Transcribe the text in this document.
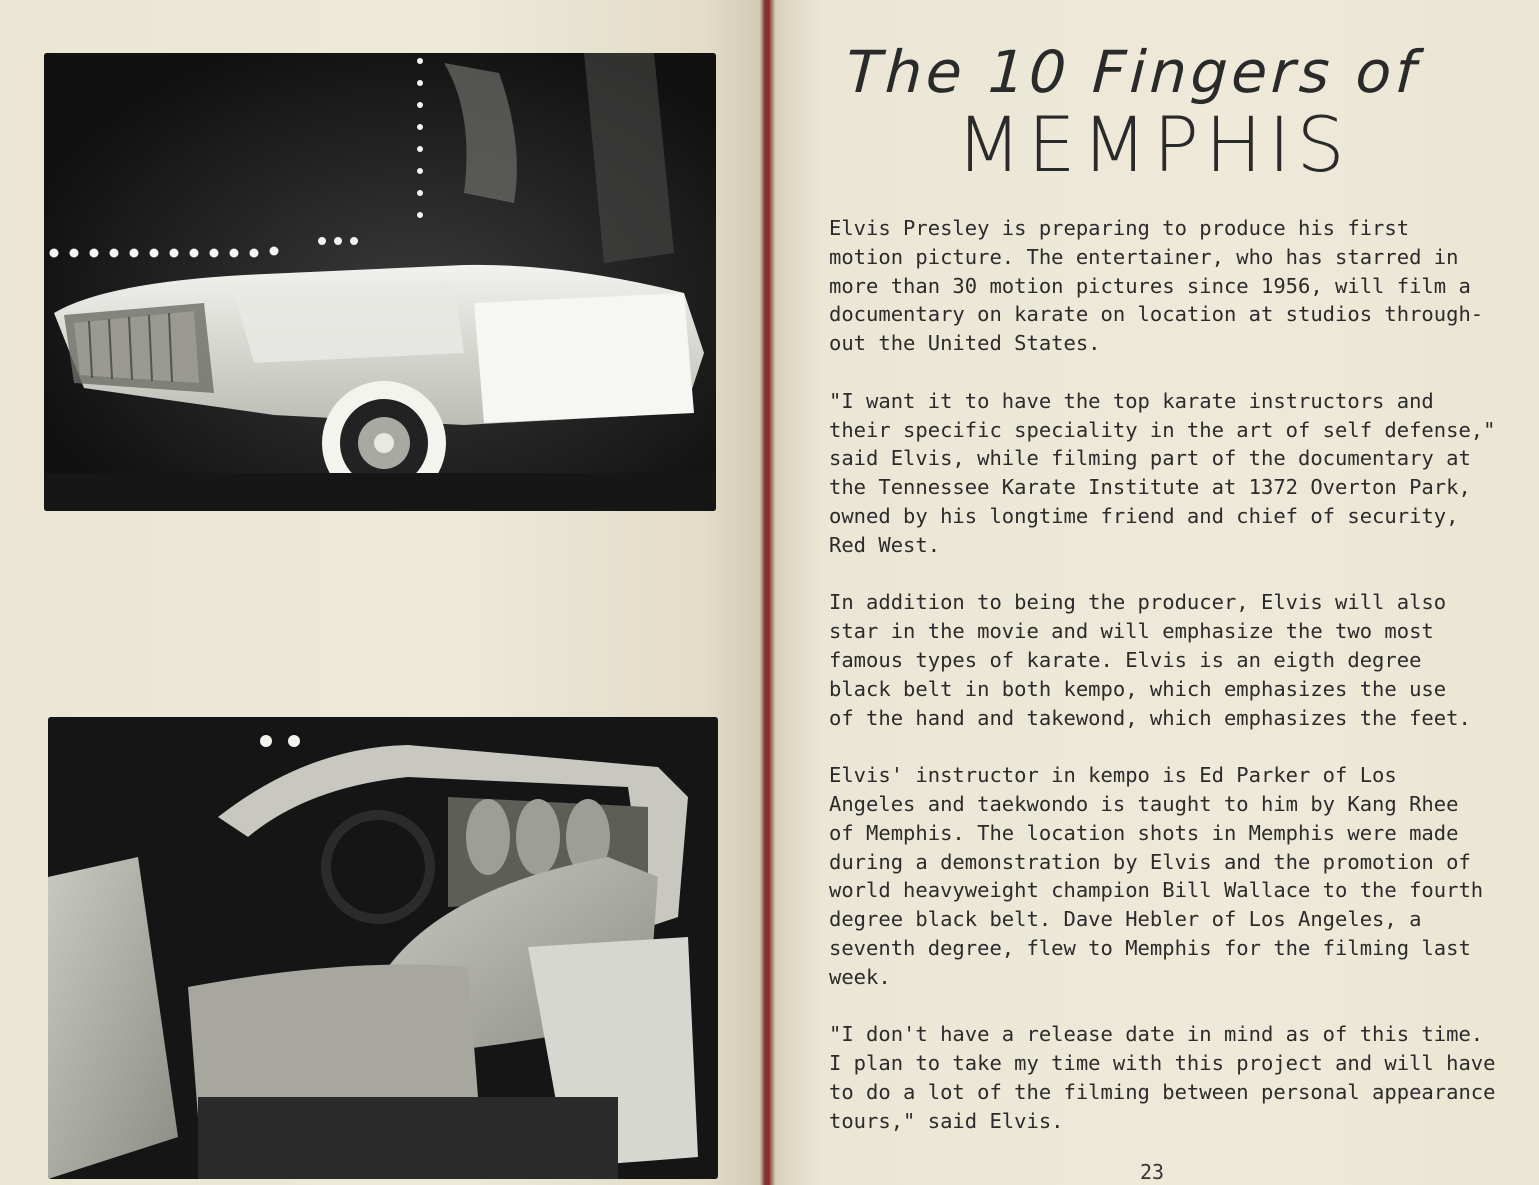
The 10 Fingers of
MEMPHIS

Elvis Presley is preparing to produce his first
motion picture. The entertainer, who has starred in
more than 30 motion pictures since 1956, will film a
documentary on karate on location at studios through-
out the United States.

"I want it to have the top karate instructors and
their specific speciality in the art of self defense,"
said Elvis, while filming part of the documentary at
the Tennessee Karate Institute at 1372 Overton Park,
owned by his longtime friend and chief of security,
Red West.

In addition to being the producer, Elvis will also
star in the movie and will emphasize the two most
famous types of karate. Elvis is an eigth degree
black belt in both kempo, which emphasizes the use
of the hand and takewond, which emphasizes the feet.

Elvis' instructor in kempo is Ed Parker of Los
Angeles and taekwondo is taught to him by Kang Rhee
of Memphis. The location shots in Memphis were made
during a demonstration by Elvis and the promotion of
world heavyweight champion Bill Wallace to the fourth
degree black belt. Dave Hebler of Los Angeles, a
seventh degree, flew to Memphis for the filming last
week.

"I don't have a release date in mind as of this time.
I plan to take my time with this project and will have
to do a lot of the filming between personal appearance
tours," said Elvis.

23
